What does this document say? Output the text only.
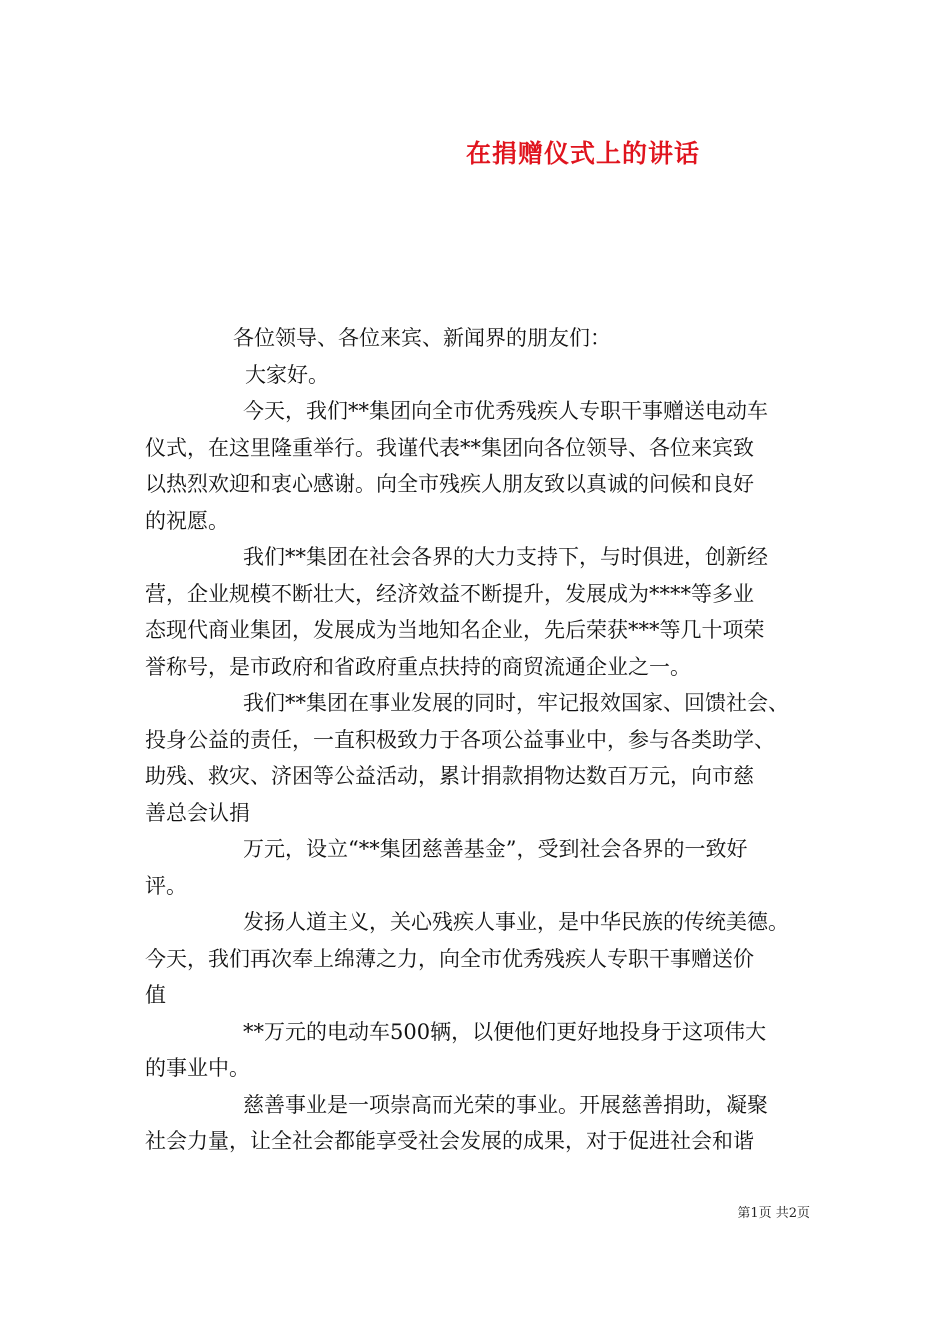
在捐赠仪式上的讲话
各位领导、各位来宾、新闻界的朋友们：
大家好。
今天，我们**集团向全市优秀残疾人专职干事赠送电动车
仪式，在这里隆重举行。我谨代表**集团向各位领导、各位来宾致
以热烈欢迎和衷心感谢。向全市残疾人朋友致以真诚的问候和良好
的祝愿。
我们**集团在社会各界的大力支持下，与时俱进，创新经
营，企业规模不断壮大，经济效益不断提升，发展成为****等多业
态现代商业集团，发展成为当地知名企业，先后荣获***等几十项荣
誉称号，是市政府和省政府重点扶持的商贸流通企业之一。
我们**集团在事业发展的同时，牢记报效国家、回馈社会、
投身公益的责任，一直积极致力于各项公益事业中，参与各类助学、
助残、救灾、济困等公益活动，累计捐款捐物达数百万元，向市慈
善总会认捐
万元，设立“**集团慈善基金”，受到社会各界的一致好
评。
发扬人道主义，关心残疾人事业，是中华民族的传统美德。
今天，我们再次奉上绵薄之力，向全市优秀残疾人专职干事赠送价
值
**万元的电动车500辆，以便他们更好地投身于这项伟大
的事业中。
慈善事业是一项崇高而光荣的事业。开展慈善捐助，凝聚
社会力量，让全社会都能享受社会发展的成果，对于促进社会和谐
第1页 共2页
